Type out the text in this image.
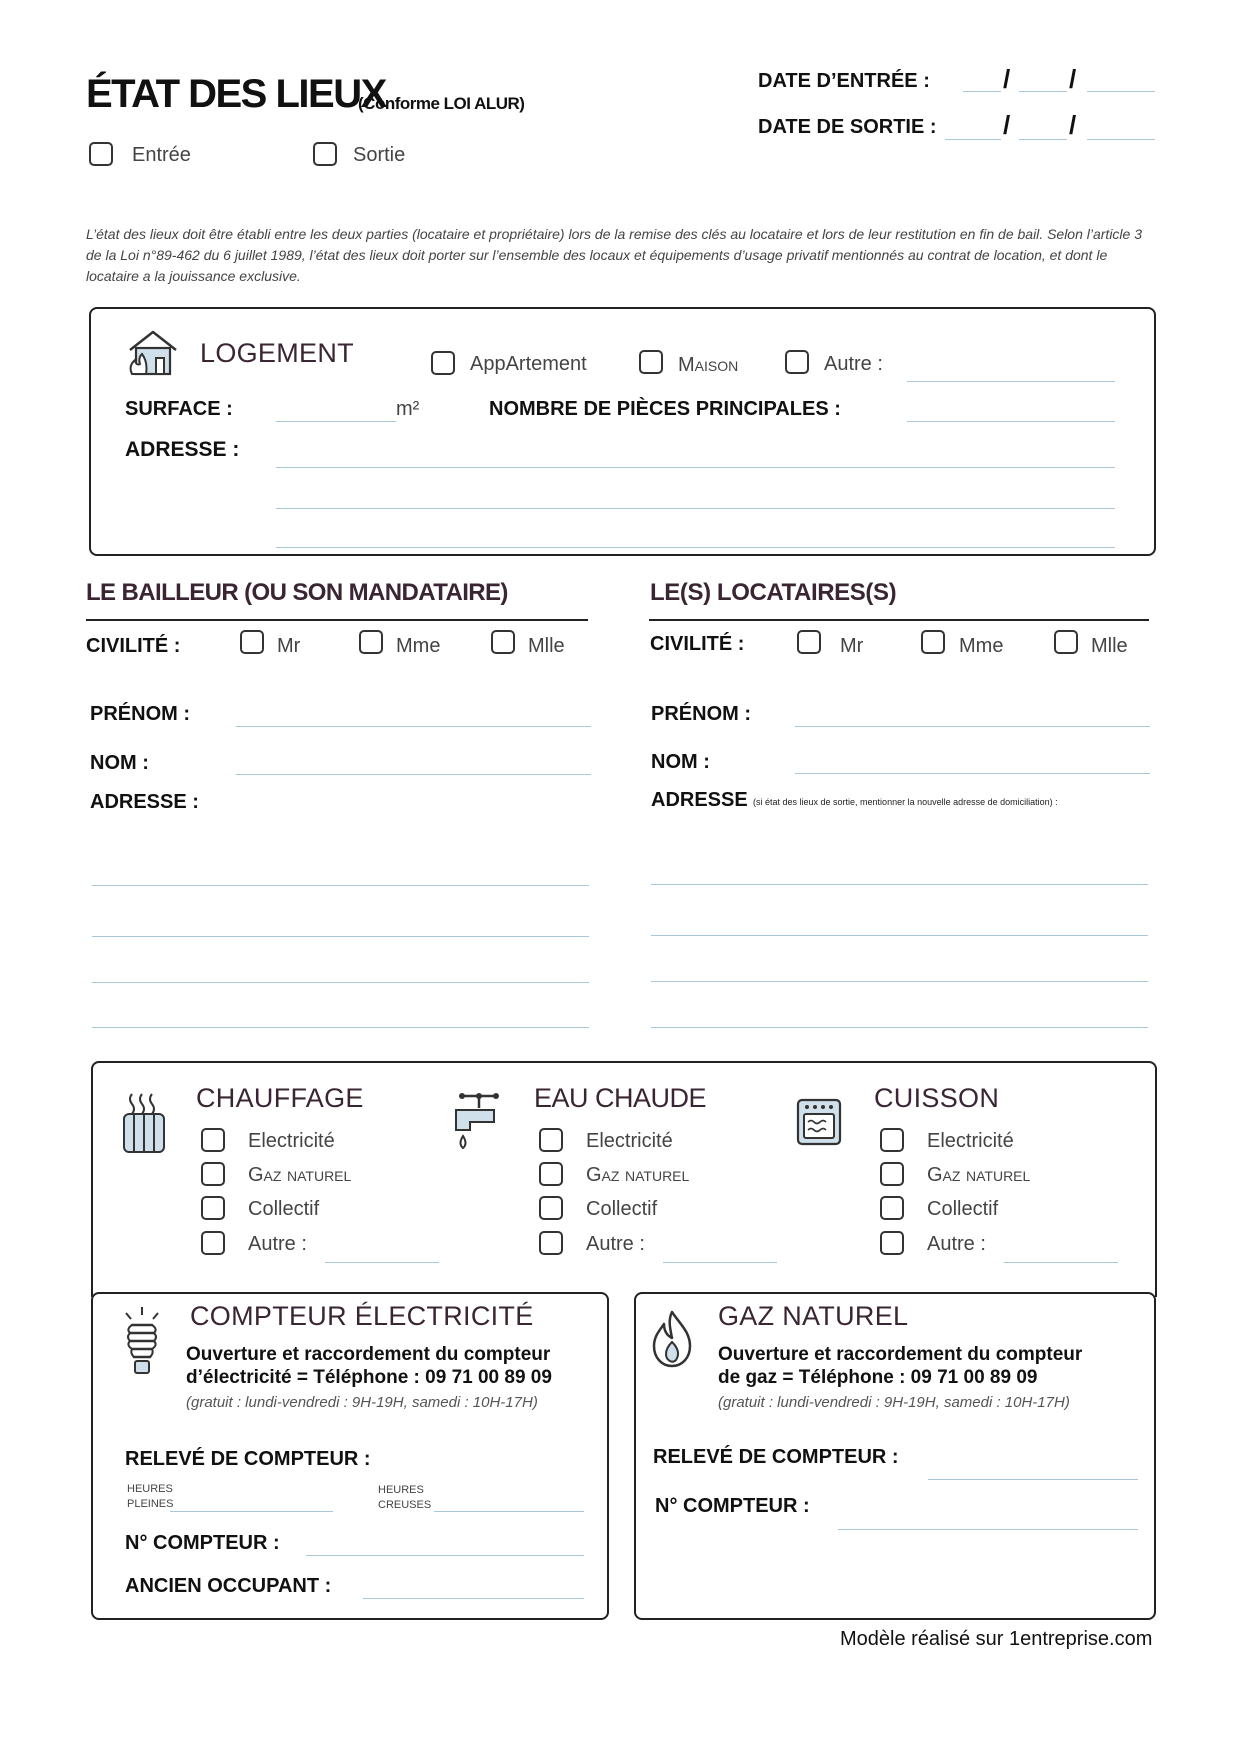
ÉTAT DES LIEUX
(Conforme LOI ALUR)
Entrée	Sortie
DATE D’ENTRÉE :	/ /
DATE DE SORTIE :	/ /
L’état des lieux doit être établi entre les deux parties (locataire et propriétaire) lors de la remise des clés au locataire et lors de leur restitution en fin de bail. Selon l’article 3 de la Loi n°89-462 du 6 juillet 1989, l’état des lieux doit porter sur l’ensemble des locaux et équipements d’usage privatif mentionnés au contrat de location, et dont le locataire a la jouissance exclusive.
LOGEMENT	AppArtement	Maison	Autre :
SURFACE :	m²	NOMBRE DE PIÈCES PRINCIPALES :
ADRESSE :
LE BAILLEUR (OU SON MANDATAIRE)
CIVILITÉ :	Mr	Mme	Mlle
PRÉNOM :
NOM :
ADRESSE :
LE(S) LOCATAIRES(S)
CIVILITÉ :	Mr	Mme	Mlle
PRÉNOM :
NOM :
ADRESSE (si état des lieux de sortie, mentionner la nouvelle adresse de domiciliation) :
CHAUFFAGE
Electricité
Gaz naturel
Collectif
Autre :
EAU CHAUDE
Electricité
Gaz naturel
Collectif
Autre :
CUISSON
Electricité
Gaz naturel
Collectif
Autre :
COMPTEUR ÉLECTRICITÉ
Ouverture et raccordement du compteur
d’électricité = Téléphone : 09 71 00 89 09
(gratuit : lundi-vendredi : 9H-19H, samedi : 10H-17H)
RELEVÉ DE COMPTEUR :
HEURES
PLEINES
HEURES
CREUSES
N° COMPTEUR :
ANCIEN OCCUPANT :
GAZ NATUREL
Ouverture et raccordement du compteur
de gaz = Téléphone : 09 71 00 89 09
(gratuit : lundi-vendredi : 9H-19H, samedi : 10H-17H)
RELEVÉ DE COMPTEUR :
N° COMPTEUR :
Modèle réalisé sur 1entreprise.com
